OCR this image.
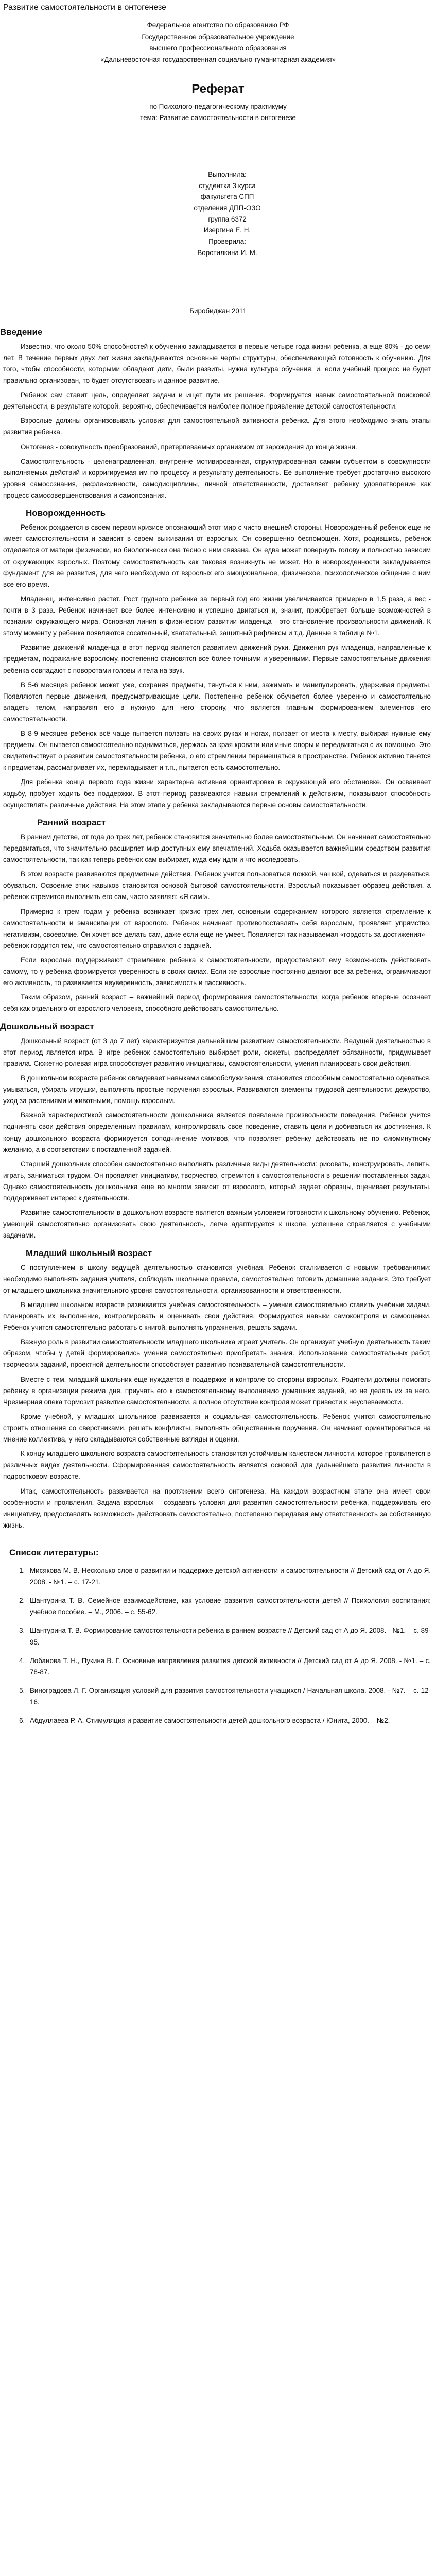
Развитие самостоятельности в онтогенезе
Федеральное агентство по образованию РФ
Государственное образовательное учреждение
высшего профессионального образования
«Дальневосточная государственная социально-гуманитарная академия»
Реферат
по Психолого-педагогическому практикуму
тема: Развитие самостоятельности в онтогенезе
Выполнила:
студентка 3 курса
факультета СПП
отделения ДПП-ОЗО
группа 6372
Изергина Е. Н.
Проверила:
Воротилкина И. М.
Биробиджан 2011
Введение

Известно, что около 50% способностей к обучению закладывается в первые четыре года жизни ребенка, а еще 80% - до семи лет. В течение первых двух лет жизни закладываются основные черты структуры, обеспечивающей готовность к обучению. Для того, чтобы способности, которыми обладают дети, были развиты, нужна культура обучения, и, если учебный процесс не будет правильно организован, то будет отсутствовать и данное развитие.

Ребенок сам ставит цель, определяет задачи и ищет пути их решения. Формируется навык самостоятельной поисковой деятельности, в результате которой, вероятно, обеспечивается наиболее полное проявление детской самостоятельности.

Взрослые должны организовывать условия для самостоятельной активности ребенка. Для этого необходимо знать этапы развития ребенка.

Онтогенез - совокупность преобразований, претерпеваемых организмом от зарождения до конца жизни.

Самостоятельность - целенаправленная, внутренне мотивированная, структурированная самим субъектом в совокупности выполняемых действий и корригируемая им по процессу и результату деятельность. Ее выполнение требует достаточно высокого уровня самосознания, рефлексивности, самодисциплины, личной ответственности, доставляет ребенку удовлетворение как процесс самосовершенствования и самопознания.

Новорожденность

Ребенок рождается в своем первом кризисе опознающий этот мир с чисто внешней стороны. Новорожденный ребенок еще не имеет самостоятельности и зависит в своем выживании от взрослых. Он совершенно беспомощен. Хотя, родившись, ребенок отделяется от матери физически, но биологически она тесно с ним связана. Он едва может повернуть голову и полностью зависим от окружающих взрослых. Поэтому самостоятельность как таковая возникнуть не может. Но в новорожденности закладывается фундамент для ее развития, для чего необходимо от взрослых его эмоциональное, физическое, психологическое общение с ним все его время.

Младенец, интенсивно растет. Рост грудного ребенка за первый год его жизни увеличивается примерно в 1,5 раза, а вес - почти в 3 раза. Ребенок начинает все более интенсивно и успешно двигаться и, значит, приобретает больше возможностей в познании окружающего мира. Основная линия в физическом развитии младенца - это становление произвольности движений. К этому моменту у ребенка появляются сосательный, хватательный, защитный рефлексы и т.д. Данные в таблице №1.

Развитие движений младенца в этот период является развитием движений руки. Движения рук младенца, направленные к предметам, подражание взрослому, постепенно становятся все более точными и уверенными. Первые самостоятельные движения ребенка совпадают с поворотами головы и тела на звук.

В 5-6 месяцев ребенок может уже, сохраняя предметы, тянуться к ним, зажимать и манипулировать, удерживая предметы. Появляются первые движения, предусматривающие цели. Постепенно ребенок обучается более уверенно и самостоятельно владеть телом, направляя его в нужную для него сторону, что является главным формированием элементов его самостоятельности.

В 8-9 месяцев ребенок всё чаще пытается ползать на своих руках и ногах, ползает от места к месту, выбирая нужные ему предметы. Он пытается самостоятельно подниматься, держась за края кровати или иные опоры и передвигаться с их помощью. Это свидетельствует о развитии самостоятельности ребенка, о его стремлении перемещаться в пространстве. Ребенок активно тянется к предметам, рассматривает их, перекладывает и т.п., пытается есть самостоятельно.

Для ребенка конца первого года жизни характерна активная ориентировка в окружающей его обстановке. Он осваивает ходьбу, пробует ходить без поддержки. В этот период развиваются навыки стремлений к действиям, показывают способность осуществлять различные действия. На этом этапе у ребенка закладываются первые основы самостоятельности.

Ранний возраст

В раннем детстве, от года до трех лет, ребенок становится значительно более самостоятельным. Он начинает самостоятельно передвигаться, что значительно расширяет мир доступных ему впечатлений. Ходьба оказывается важнейшим средством развития самостоятельности, так как теперь ребенок сам выбирает, куда ему идти и что исследовать.

В этом возрасте развиваются предметные действия. Ребенок учится пользоваться ложкой, чашкой, одеваться и раздеваться, обуваться. Освоение этих навыков становится основой бытовой самостоятельности. Взрослый показывает образец действия, а ребенок стремится выполнить его сам, часто заявляя: «Я сам!».

Примерно к трем годам у ребенка возникает кризис трех лет, основным содержанием которого является стремление к самостоятельности и эмансипации от взрослого. Ребенок начинает противопоставлять себя взрослым, проявляет упрямство, негативизм, своеволие. Он хочет все делать сам, даже если еще не умеет. Появляется так называемая «гордость за достижения» – ребенок гордится тем, что самостоятельно справился с задачей.

Если взрослые поддерживают стремление ребенка к самостоятельности, предоставляют ему возможность действовать самому, то у ребенка формируется уверенность в своих силах. Если же взрослые постоянно делают все за ребенка, ограничивают его активность, то развивается неуверенность, зависимость и пассивность.

Таким образом, ранний возраст – важнейший период формирования самостоятельности, когда ребенок впервые осознает себя как отдельного от взрослого человека, способного действовать самостоятельно.

Дошкольный возраст

Дошкольный возраст (от 3 до 7 лет) характеризуется дальнейшим развитием самостоятельности. Ведущей деятельностью в этот период является игра. В игре ребенок самостоятельно выбирает роли, сюжеты, распределяет обязанности, придумывает правила. Сюжетно-ролевая игра способствует развитию инициативы, самостоятельности, умения планировать свои действия.

В дошкольном возрасте ребенок овладевает навыками самообслуживания, становится способным самостоятельно одеваться, умываться, убирать игрушки, выполнять простые поручения взрослых. Развиваются элементы трудовой деятельности: дежурство, уход за растениями и животными, помощь взрослым.

Важной характеристикой самостоятельности дошкольника является появление произвольности поведения. Ребенок учится подчинять свои действия определенным правилам, контролировать свое поведение, ставить цели и добиваться их достижения. К концу дошкольного возраста формируется соподчинение мотивов, что позволяет ребенку действовать не по сиюминутному желанию, а в соответствии с поставленной задачей.

Старший дошкольник способен самостоятельно выполнять различные виды деятельности: рисовать, конструировать, лепить, играть, заниматься трудом. Он проявляет инициативу, творчество, стремится к самостоятельности в решении поставленных задач. Однако самостоятельность дошкольника еще во многом зависит от взрослого, который задает образцы, оценивает результаты, поддерживает интерес к деятельности.

Развитие самостоятельности в дошкольном возрасте является важным условием готовности к школьному обучению. Ребенок, умеющий самостоятельно организовать свою деятельность, легче адаптируется к школе, успешнее справляется с учебными задачами.

Младший школьный возраст

С поступлением в школу ведущей деятельностью становится учебная. Ребенок сталкивается с новыми требованиями: необходимо выполнять задания учителя, соблюдать школьные правила, самостоятельно готовить домашние задания. Это требует от младшего школьника значительного уровня самостоятельности, организованности и ответственности.

В младшем школьном возрасте развивается учебная самостоятельность – умение самостоятельно ставить учебные задачи, планировать их выполнение, контролировать и оценивать свои действия. Формируются навыки самоконтроля и самооценки. Ребенок учится самостоятельно работать с книгой, выполнять упражнения, решать задачи.

Важную роль в развитии самостоятельности младшего школьника играет учитель. Он организует учебную деятельность таким образом, чтобы у детей формировались умения самостоятельно приобретать знания. Использование самостоятельных работ, творческих заданий, проектной деятельности способствует развитию познавательной самостоятельности.

Вместе с тем, младший школьник еще нуждается в поддержке и контроле со стороны взрослых. Родители должны помогать ребенку в организации режима дня, приучать его к самостоятельному выполнению домашних заданий, но не делать их за него. Чрезмерная опека тормозит развитие самостоятельности, а полное отсутствие контроля может привести к неуспеваемости.

Кроме учебной, у младших школьников развивается и социальная самостоятельность. Ребенок учится самостоятельно строить отношения со сверстниками, решать конфликты, выполнять общественные поручения. Он начинает ориентироваться на мнение коллектива, у него складываются собственные взгляды и оценки.

К концу младшего школьного возраста самостоятельность становится устойчивым качеством личности, которое проявляется в различных видах деятельности. Сформированная самостоятельность является основой для дальнейшего развития личности в подростковом возрасте.

Итак, самостоятельность развивается на протяжении всего онтогенеза. На каждом возрастном этапе она имеет свои особенности и проявления. Задача взрослых – создавать условия для развития самостоятельности ребенка, поддерживать его инициативу, предоставлять возможность действовать самостоятельно, постепенно передавая ему ответственность за собственную жизнь.

Список литературы:
1. Мисякова М. В. Несколько слов о развитии и поддержке детской активности и самостоятельности // Детский сад от А до Я. 2008. - №1. – с. 17-21.
2. Шантурина Т. В. Семейное взаимодействие, как условие развития самостоятельности детей // Психология воспитания: учебное пособие. – М., 2006. – с. 55-62.
3. Шантурина Т. В. Формирование самостоятельности ребенка в раннем возрасте // Детский сад от А до Я. 2008. - №1. – с. 89-95.
4. Лобанова Т. Н., Пукина В. Г. Основные направления развития детской активности // Детский сад от А до Я. 2008. - №1. – с. 78-87.
5. Виноградова Л. Г. Организация условий для развития самостоятельности учащихся / Начальная школа. 2008. - №7. – с. 12-16.
6. Абдуллаева Р. А. Стимуляция и развитие самостоятельности детей дошкольного возраста / Юнита, 2000. – №2.
